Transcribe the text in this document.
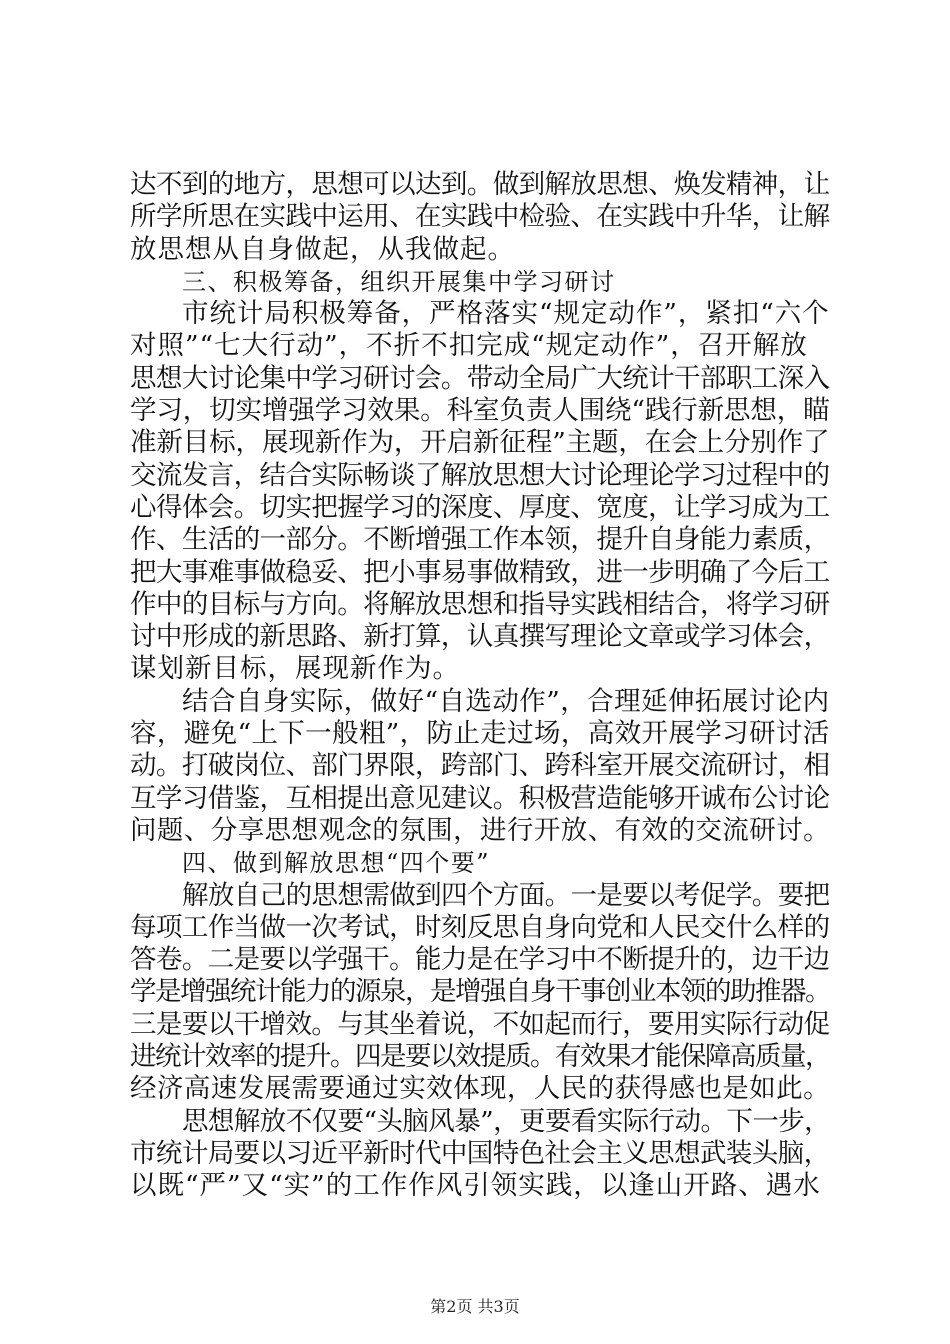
达不到的地方，思想可以达到。做到解放思想、焕发精神，让
所学所思在实践中运用、在实践中检验、在实践中升华，让解
放思想从自身做起，从我做起。
三、积极筹备，组织开展集中学习研讨
市统计局积极筹备，严格落实“规定动作”，紧扣“六个
对照”“七大行动”，不折不扣完成“规定动作”，召开解放
思想大讨论集中学习研讨会。带动全局广大统计干部职工深入
学习，切实增强学习效果。科室负责人围绕“践行新思想，瞄
准新目标，展现新作为，开启新征程”主题，在会上分别作了
交流发言，结合实际畅谈了解放思想大讨论理论学习过程中的
心得体会。切实把握学习的深度、厚度、宽度，让学习成为工
作、生活的一部分。不断增强工作本领，提升自身能力素质，
把大事难事做稳妥、把小事易事做精致，进一步明确了今后工
作中的目标与方向。将解放思想和指导实践相结合，将学习研
讨中形成的新思路、新打算，认真撰写理论文章或学习体会，
谋划新目标，展现新作为。
结合自身实际，做好“自选动作”，合理延伸拓展讨论内
容，避免“上下一般粗”，防止走过场，高效开展学习研讨活
动。打破岗位、部门界限，跨部门、跨科室开展交流研讨，相
互学习借鉴，互相提出意见建议。积极营造能够开诚布公讨论
问题、分享思想观念的氛围，进行开放、有效的交流研讨。
四、做到解放思想“四个要”
解放自己的思想需做到四个方面。一是要以考促学。要把
每项工作当做一次考试，时刻反思自身向党和人民交什么样的
答卷。二是要以学强干。能力是在学习中不断提升的，边干边
学是增强统计能力的源泉，是增强自身干事创业本领的助推器。
三是要以干增效。与其坐着说，不如起而行，要用实际行动促
进统计效率的提升。四是要以效提质。有效果才能保障高质量，
经济高速发展需要通过实效体现，人民的获得感也是如此。
思想解放不仅要“头脑风暴”，更要看实际行动。下一步，
市统计局要以习近平新时代中国特色社会主义思想武装头脑，
以既“严”又“实”的工作作风引领实践，以逢山开路、遇水
第2页 共3页
